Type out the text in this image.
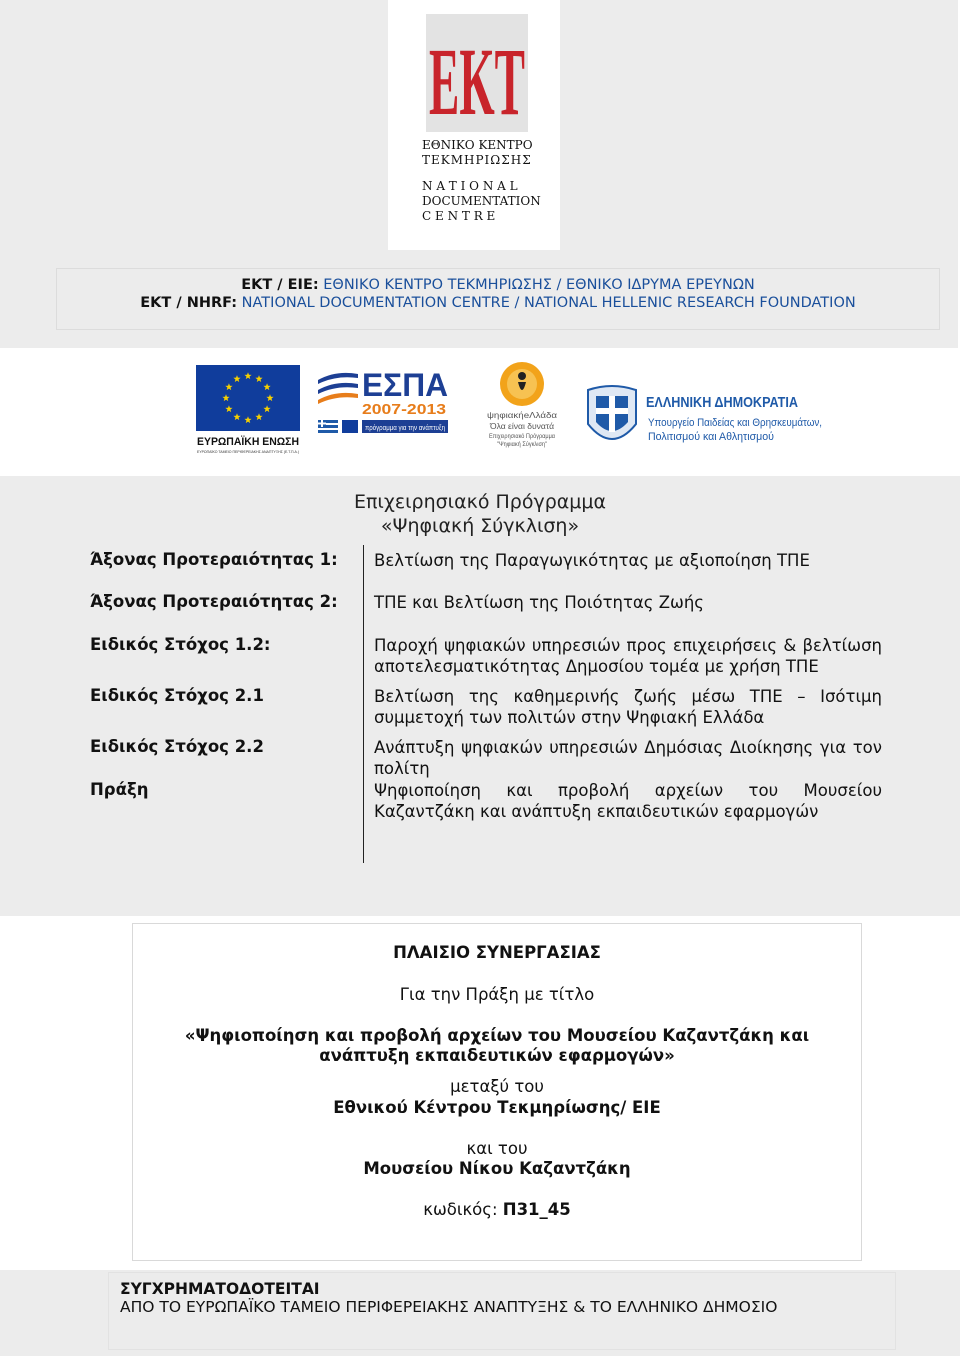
EKT
ΕΘΝΙΚΟ ΚΕΝΤΡΟ
ΤΕΚΜΗΡΙΩΣΗΣ
N A T I O N A L
DOCUMENTATION
C E N T R E
ΕΚΤ / ΕΙΕ: ΕΘΝΙΚΟ ΚΕΝΤΡΟ ΤΕΚΜΗΡΙΩΣΗΣ / ΕΘΝΙΚΟ ΙΔΡΥΜΑ ΕΡΕΥΝΩΝ
EKT / NHRF: NATIONAL DOCUMENTATION CENTRE / NATIONAL HELLENIC RESEARCH FOUNDATION
ΕΥΡΩΠΑΪΚΗ ΕΝΩΣΗ
ΕΥΡΩΠΑΪΚΟ ΤΑΜΕΙΟ ΠΕΡΙΦΕΡΕΙΑΚΗΣ ΑΝΑΠΤΥΞΗΣ (Ε.Τ.Π.Α.)
ΕΣΠΑ
2007-2013
πρόγραμμα για την ανάπτυξη
ψηφιακήeΛλάδα
Όλα είναι δυνατά
Επιχειρησιακό Πρόγραμμα
"Ψηφιακή Σύγκλιση"
ΕΛΛΗΝΙΚΗ ΔΗΜΟΚΡΑΤΙΑ
Υπουργείο Παιδείας και Θρησκευμάτων,
Πολιτισμού και Αθλητισμού
Επιχειρησιακό Πρόγραμμα
«Ψηφιακή Σύγκλιση»
Άξονας Προτεραιότητας 1: Βελτίωση της Παραγωγικότητας με αξιοποίηση ΤΠΕ
Άξονας Προτεραιότητας 2: ΤΠΕ και Βελτίωση της Ποιότητας Ζωής
Ειδικός Στόχος 1.2:	Παροχή ψηφιακών υπηρεσιών προς επιχειρήσεις & βελτίωση αποτελεσματικότητας Δημοσίου τομέα με χρήση ΤΠΕ
Ειδικός Στόχος 2.1	Βελτίωση της καθημερινής ζωής μέσω ΤΠΕ – Ισότιμη συμμετοχή των πολιτών στην Ψηφιακή Ελλάδα
Ειδικός Στόχος 2.2	Ανάπτυξη ψηφιακών υπηρεσιών Δημόσιας Διοίκησης για τον πολίτη
Πράξη	Ψηφιοποίηση και προβολή αρχείων του Μουσείου Καζαντζάκη και ανάπτυξη εκπαιδευτικών εφαρμογών
ΠΛΑΙΣΙΟ ΣΥΝΕΡΓΑΣΙΑΣ
Για την Πράξη με τίτλο
«Ψηφιοποίηση και προβολή αρχείων του Μουσείου Καζαντζάκη και
ανάπτυξη εκπαιδευτικών εφαρμογών»
μεταξύ του
Εθνικού Κέντρου Τεκμηρίωσης/ ΕΙΕ
και του
Μουσείου Νίκου Καζαντζάκη
κωδικός: Π31_45
ΣΥΓΧΡΗΜΑΤΟΔΟΤΕΙΤΑΙ
ΑΠΟ ΤΟ ΕΥΡΩΠΑΪΚΟ ΤΑΜΕΙΟ ΠΕΡΙΦΕΡΕΙΑΚΗΣ ΑΝΑΠΤΥΞΗΣ & ΤΟ ΕΛΛΗΝΙΚΟ ΔΗΜΟΣΙΟ
